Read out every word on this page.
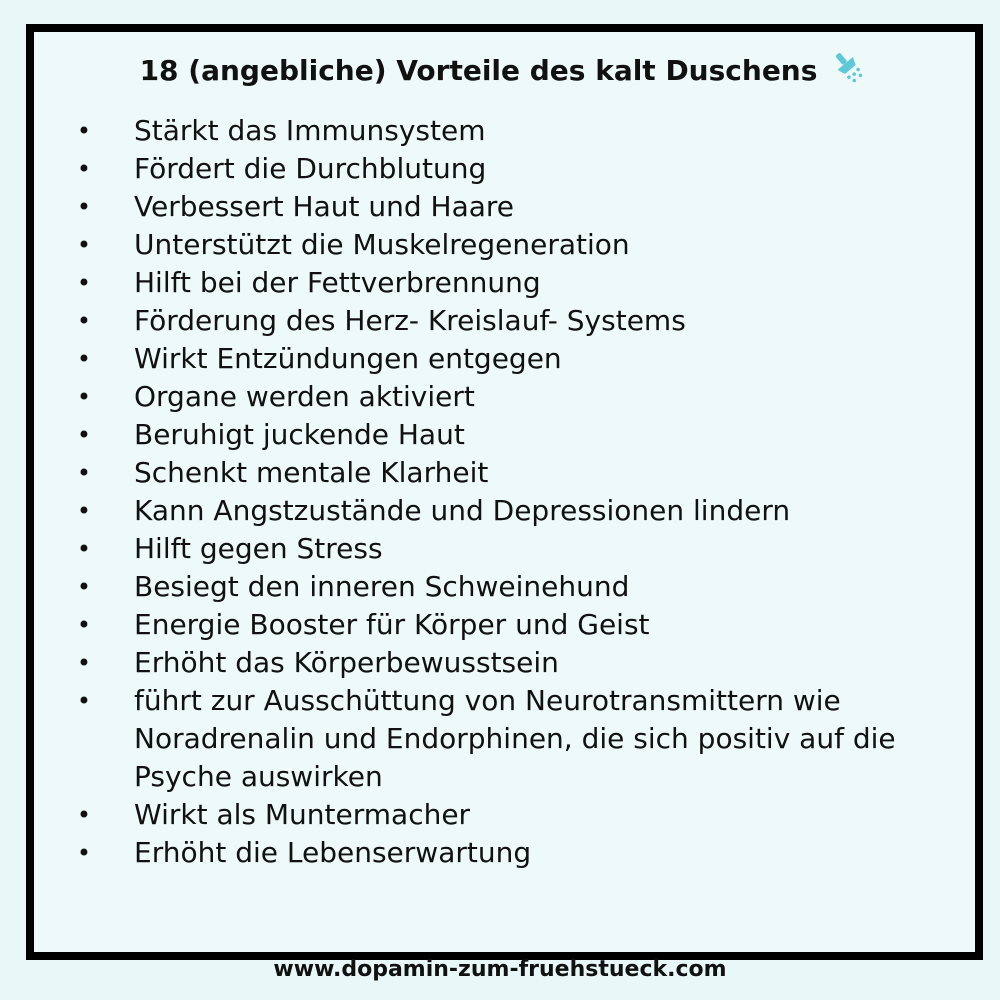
18 (angebliche) Vorteile des kalt Duschens
• Stärkt das Immunsystem
• Fördert die Durchblutung
• Verbessert Haut und Haare
• Unterstützt die Muskelregeneration
• Hilft bei der Fettverbrennung
• Förderung des Herz- Kreislauf- Systems
• Wirkt Entzündungen entgegen
• Organe werden aktiviert
• Beruhigt juckende Haut
• Schenkt mentale Klarheit
• Kann Angstzustände und Depressionen lindern
• Hilft gegen Stress
• Besiegt den inneren Schweinehund
• Energie Booster für Körper und Geist
• Erhöht das Körperbewusstsein
• führt zur Ausschüttung von Neurotransmittern wie Noradrenalin und Endorphinen, die sich positiv auf die Psyche auswirken
• Wirkt als Muntermacher
• Erhöht die Lebenserwartung
www.dopamin-zum-fruehstueck.com
